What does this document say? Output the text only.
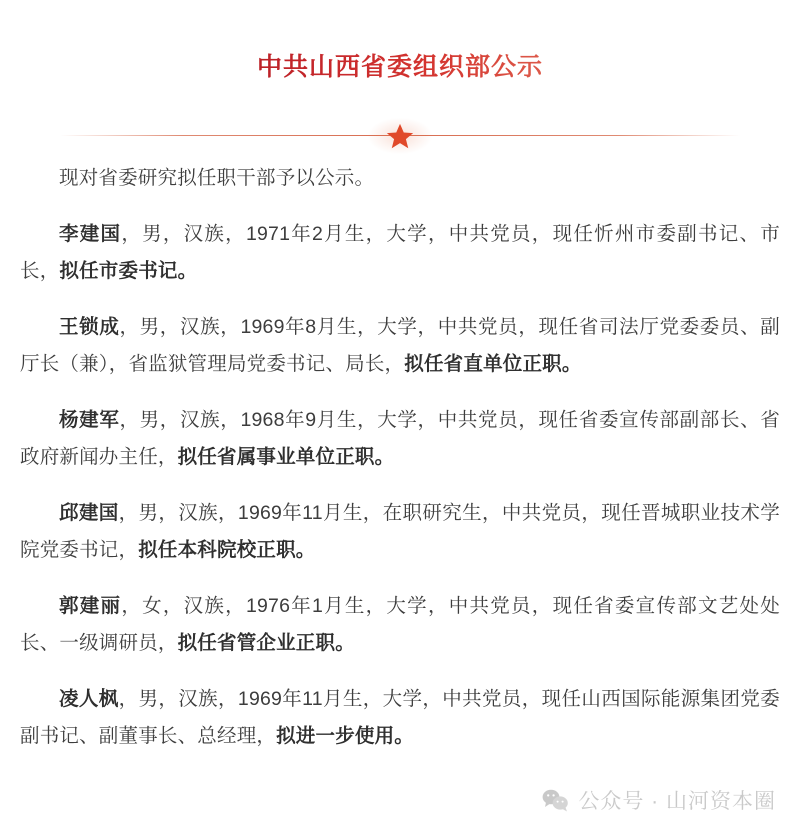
中共山西省委组织部公示

现对省委研究拟任职干部予以公示。

李建国，男，汉族，1971年2月生，大学，中共党员，现任忻州市委副书记、市长，拟任市委书记。

王锁成，男，汉族，1969年8月生，大学，中共党员，现任省司法厅党委委员、副厅长（兼），省监狱管理局党委书记、局长，拟任省直单位正职。

杨建军，男，汉族，1968年9月生，大学，中共党员，现任省委宣传部副部长、省政府新闻办主任，拟任省属事业单位正职。

邱建国，男，汉族，1969年11月生，在职研究生，中共党员，现任晋城职业技术学院党委书记，拟任本科院校正职。

郭建丽，女，汉族，1976年1月生，大学，中共党员，现任省委宣传部文艺处处长、一级调研员，拟任省管企业正职。

凌人枫，男，汉族，1969年11月生，大学，中共党员，现任山西国际能源集团党委副书记、副董事长、总经理，拟进一步使用。

公众号 · 山河资本圈
